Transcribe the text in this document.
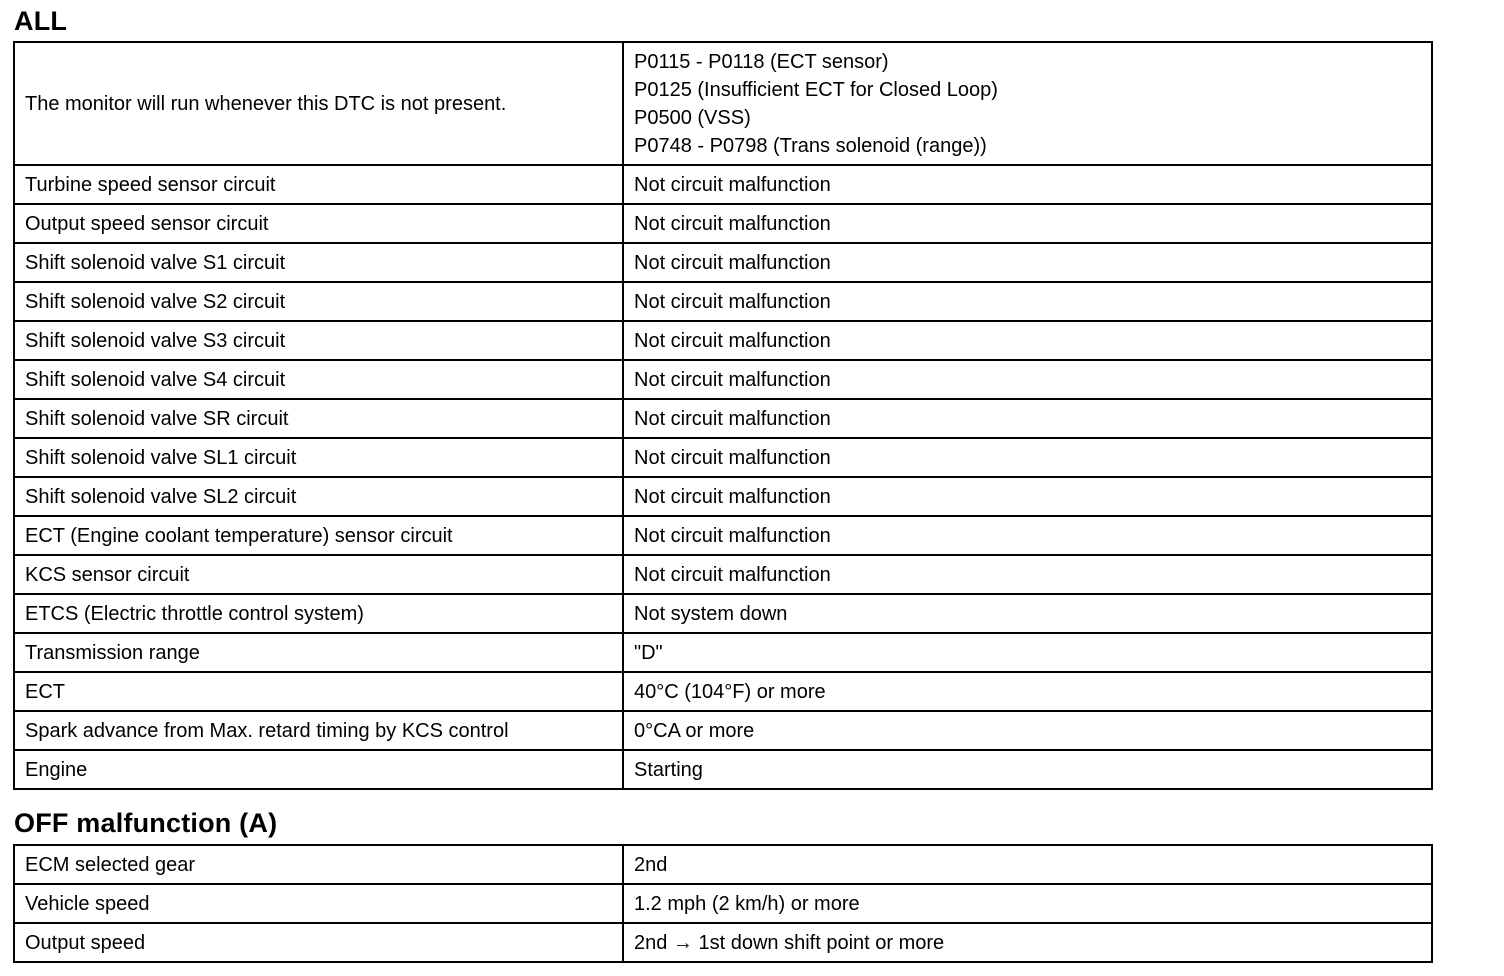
ALL
The monitor will run whenever this DTC is not present.	P0115 - P0118 (ECT sensor)
P0125 (Insufficient ECT for Closed Loop)
P0500 (VSS)
P0748 - P0798 (Trans solenoid (range))

Turbine speed sensor circuit	Not circuit malfunction
Output speed sensor circuit	Not circuit malfunction
Shift solenoid valve S1 circuit	Not circuit malfunction
Shift solenoid valve S2 circuit	Not circuit malfunction
Shift solenoid valve S3 circuit	Not circuit malfunction
Shift solenoid valve S4 circuit	Not circuit malfunction
Shift solenoid valve SR circuit	Not circuit malfunction
Shift solenoid valve SL1 circuit	Not circuit malfunction
Shift solenoid valve SL2 circuit	Not circuit malfunction
ECT (Engine coolant temperature) sensor circuit	Not circuit malfunction
KCS sensor circuit	Not circuit malfunction
ETCS (Electric throttle control system)	Not system down
Transmission range	"D"
ECT	40°C (104°F) or more
Spark advance from Max. retard timing by KCS control	0°CA or more
Engine	Starting
OFF malfunction (A)
ECM selected gear	2nd
Vehicle speed	1.2 mph (2 km/h) or more
Output speed	2nd → 1st down shift point or more
